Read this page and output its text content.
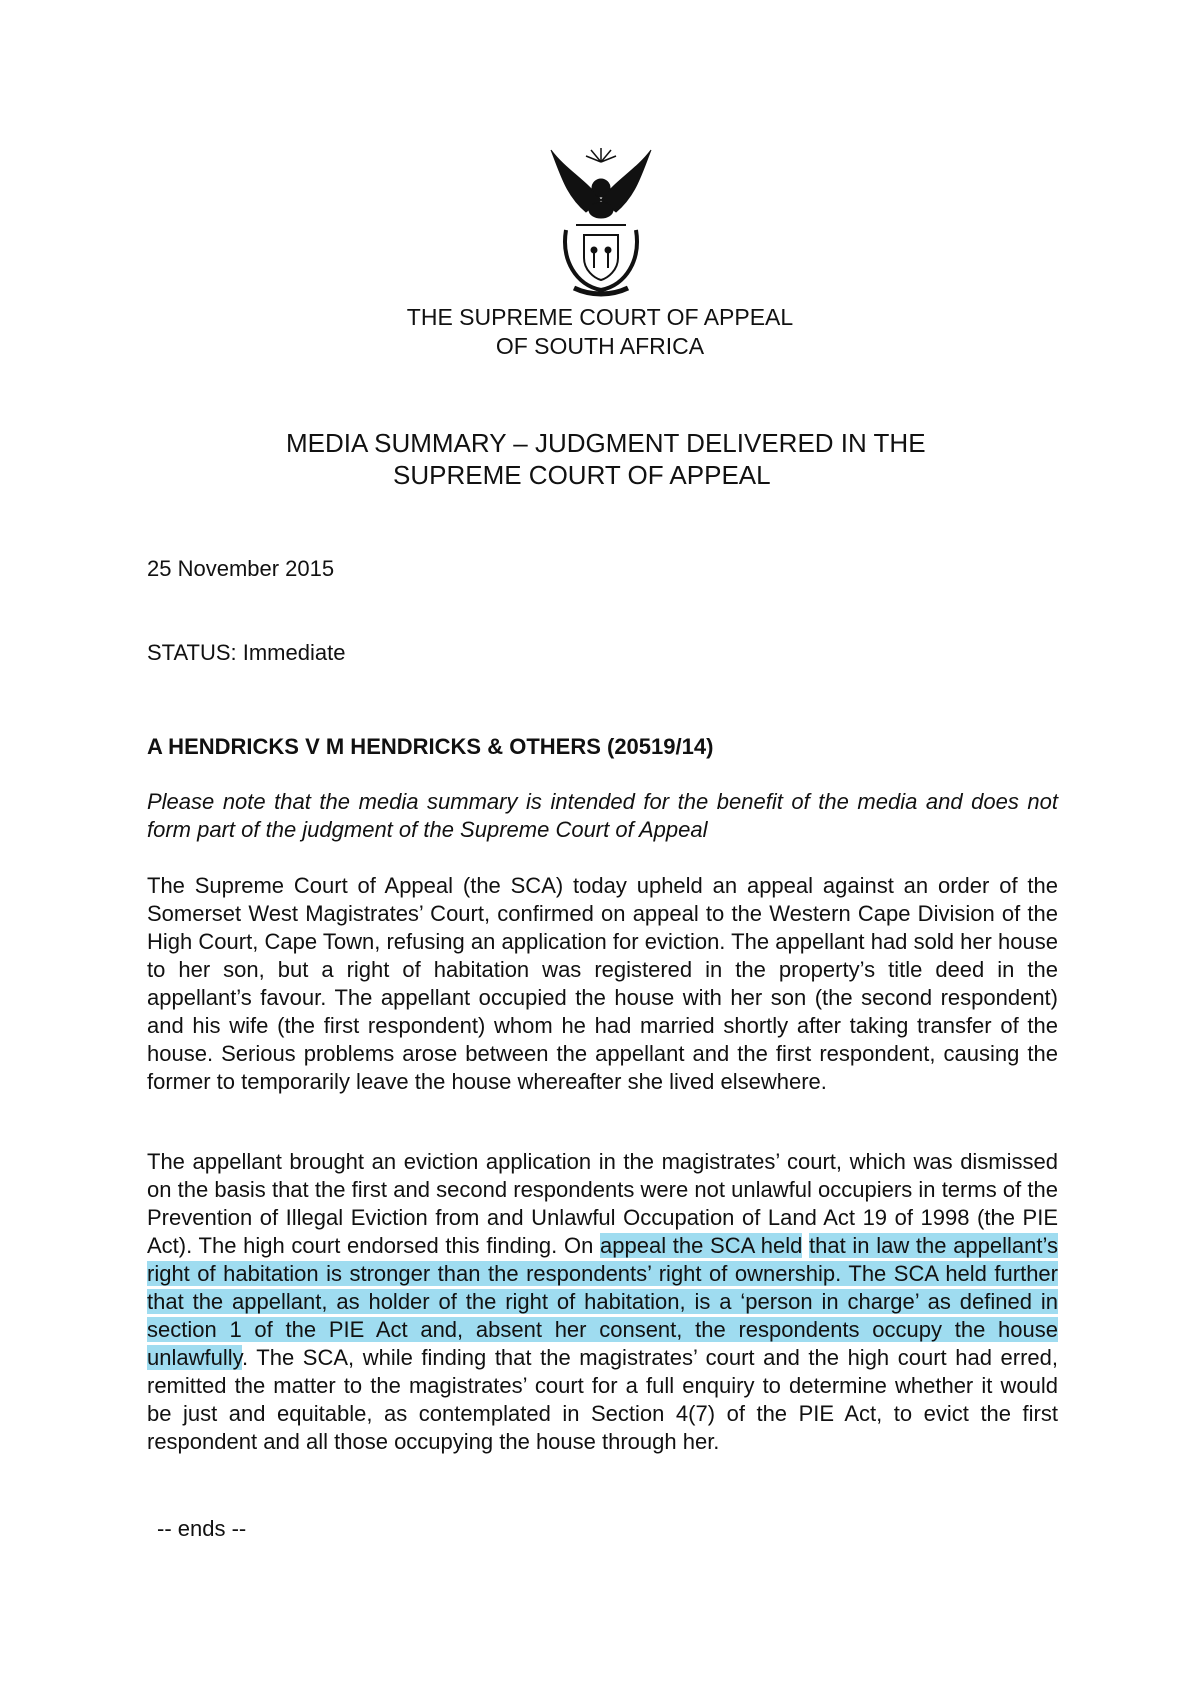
THE SUPREME COURT OF APPEAL
OF SOUTH AFRICA
MEDIA SUMMARY – JUDGMENT DELIVERED IN THE
SUPREME COURT OF APPEAL
25 November 2015
STATUS: Immediate
A HENDRICKS V M HENDRICKS & OTHERS (20519/14)
Please note that the media summary is intended for the benefit of the media and does not form part of the judgment of the Supreme Court of Appeal
The Supreme Court of Appeal (the SCA) today upheld an appeal against an order of the Somerset West Magistrates’ Court, confirmed on appeal to the Western Cape Division of the High Court, Cape Town, refusing an application for eviction. The appellant had sold her house to her son, but a right of habitation was registered in the property’s title deed in the appellant’s favour. The appellant occupied the house with her son (the second respondent) and his wife (the first respondent) whom he had married shortly after taking transfer of the house. Serious problems arose between the appellant and the first respondent, causing the former to temporarily leave the house whereafter she lived elsewhere.
The appellant brought an eviction application in the magistrates’ court, which was dismissed on the basis that the first and second respondents were not unlawful occupiers in terms of the Prevention of Illegal Eviction from and Unlawful Occupation of Land Act 19 of 1998 (the PIE Act). The high court endorsed this finding. On appeal the SCA held that in law the appellant’s right of habitation is stronger than the respondents’ right of ownership. The SCA held further that the appellant, as holder of the right of habitation, is a ‘person in charge’ as defined in section 1 of the PIE Act and, absent her consent, the respondents occupy the house unlawfully. The SCA, while finding that the magistrates’ court and the high court had erred, remitted the matter to the magistrates’ court for a full enquiry to determine whether it would be just and equitable, as contemplated in Section 4(7) of the PIE Act, to evict the first respondent and all those occupying the house through her.
-- ends --
